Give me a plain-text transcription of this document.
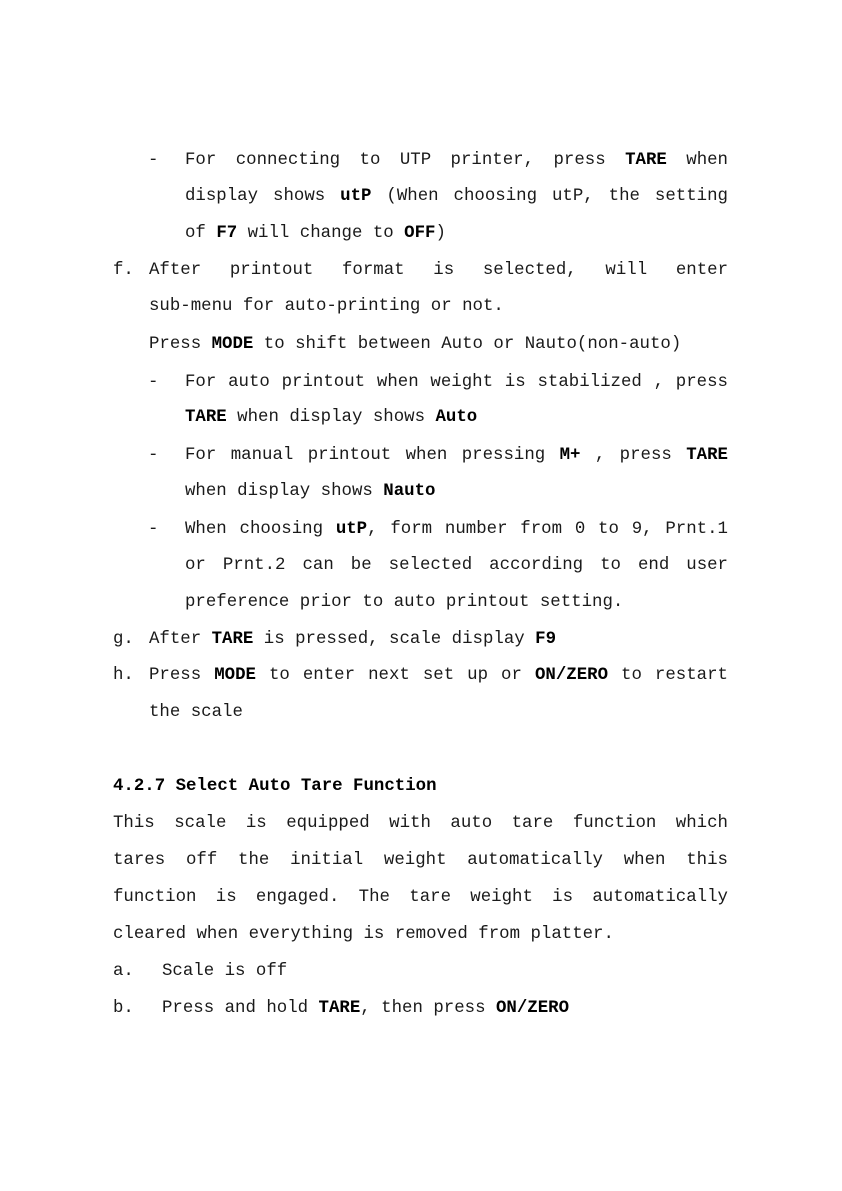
- For connecting to UTP printer, press TARE when
display shows utP (When choosing utP, the setting
of F7 will change to OFF)
f. After printout format is selected, will enter
sub-menu for auto-printing or not.
Press MODE to shift between Auto or Nauto(non-auto)
- For auto printout when weight is stabilized , press
TARE when display shows Auto
- For manual printout when pressing M+ , press TARE
when display shows Nauto
- When choosing utP, form number from 0 to 9, Prnt.1
or Prnt.2 can be selected according to end user
preference prior to auto printout setting.
g. After TARE is pressed, scale display F9
h. Press MODE to enter next set up or ON/ZERO to restart
the scale
4.2.7 Select Auto Tare Function
This scale is equipped with auto tare function which
tares off the initial weight automatically when this
function is engaged. The tare weight is automatically
cleared when everything is removed from platter.
a. Scale is off
b. Press and hold TARE, then press ON/ZERO
